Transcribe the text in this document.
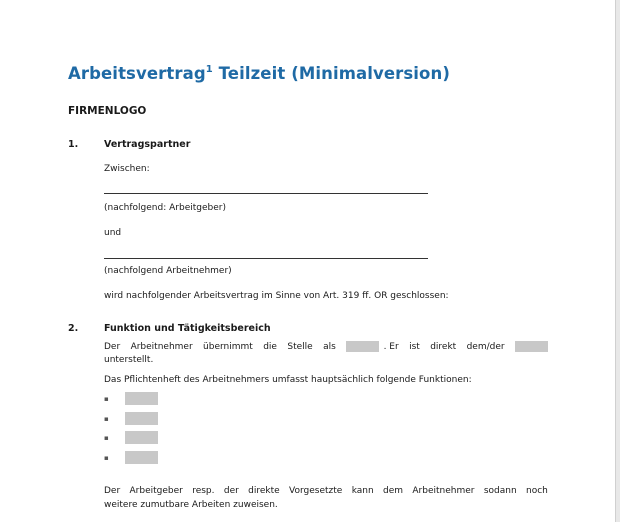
Arbeitsvertrag$^1$ Teilzeit (Minimalversion)
FIRMENLOGO
1.	Vertragspartner
Zwischen:
(nachfolgend: Arbeitgeber)
und
(nachfolgend Arbeitnehmer)
wird nachfolgender Arbeitsvertrag im Sinne von Art. 319 ff. OR geschlossen:
2.	Funktion und Tätigkeitsbereich
Der Arbeitnehmer übernimmt die Stelle als	. Er ist direkt dem/der
unterstellt.
Das Pflichtenheft des Arbeitnehmers umfasst hauptsächlich folgende Funktionen:
▪
▪
▪
▪
Der Arbeitgeber resp. der direkte Vorgesetzte kann dem Arbeitnehmer sodann noch
weitere zumutbare Arbeiten zuweisen.
